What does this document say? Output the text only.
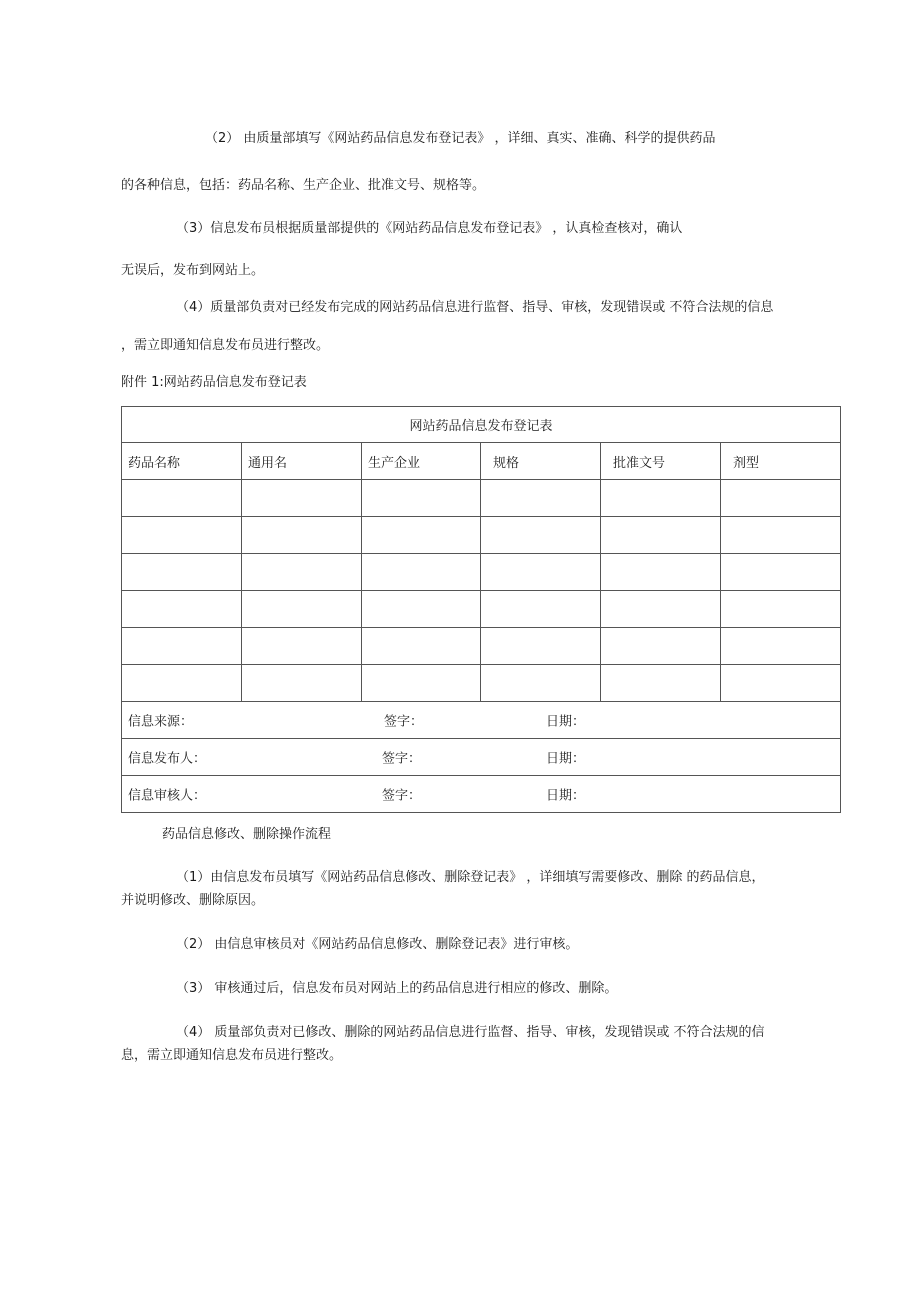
（2） 由质量部填写《网站药品信息发布登记表》 ，详细、真实、准确、科学的提供药品
的各种信息，包括：药品名称、生产企业、批准文号、规格等。
（3）信息发布员根据质量部提供的《网站药品信息发布登记表》 ，认真检查核对，确认
无误后，发布到网站上。
（4）质量部负责对已经发布完成的网站药品信息进行监督、指导、审核，发现错误或 不符合法规的信息
，需立即通知信息发布员进行整改。
附件 1:网站药品信息发布登记表
网站药品信息发布登记表					
药品名称	通用名	生产企业	规格	批准文号	剂型

信息来源： 签字： 日期：					

信息发布人： 签字： 日期：					

信息审核人： 签字： 日期：					
药品信息修改、删除操作流程
（1）由信息发布员填写《网站药品信息修改、删除登记表》 ，详细填写需要修改、删除 的药品信息，
并说明修改、删除原因。
（2） 由信息审核员对《网站药品信息修改、删除登记表》进行审核。
（3） 审核通过后，信息发布员对网站上的药品信息进行相应的修改、删除。
（4） 质量部负责对已修改、删除的网站药品信息进行监督、指导、审核，发现错误或 不符合法规的信
息，需立即通知信息发布员进行整改。
